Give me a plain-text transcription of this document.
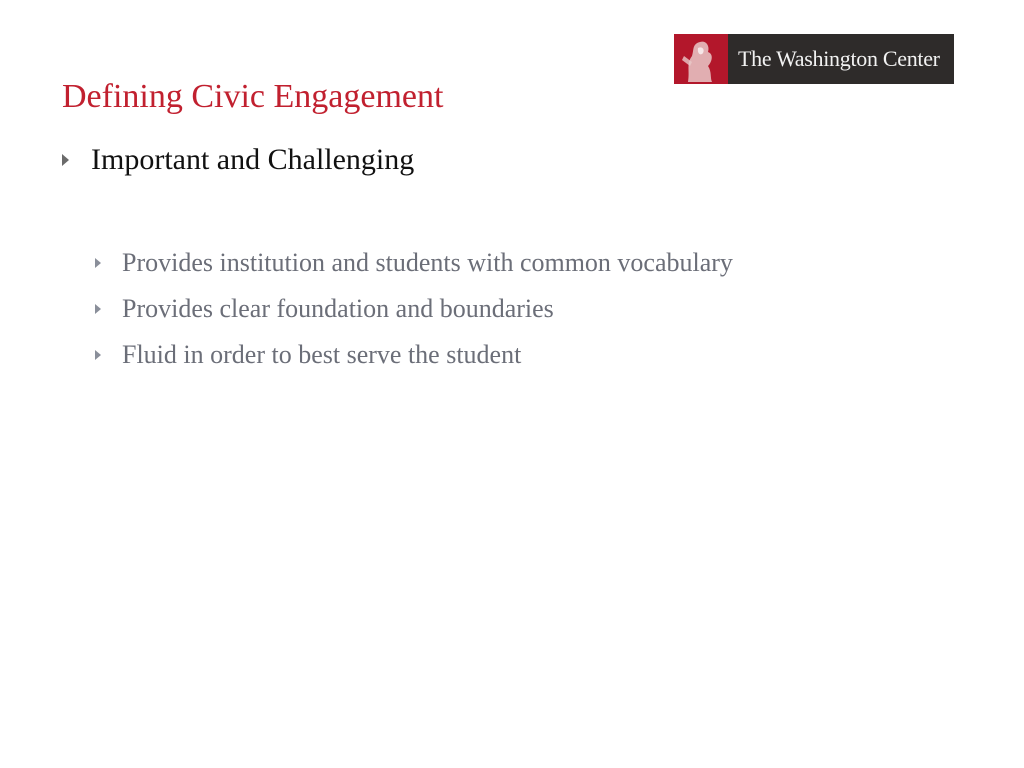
The Washington Center
Defining Civic Engagement
Important and Challenging
Provides institution and students with common vocabulary
Provides clear foundation and boundaries
Fluid in order to best serve the student
